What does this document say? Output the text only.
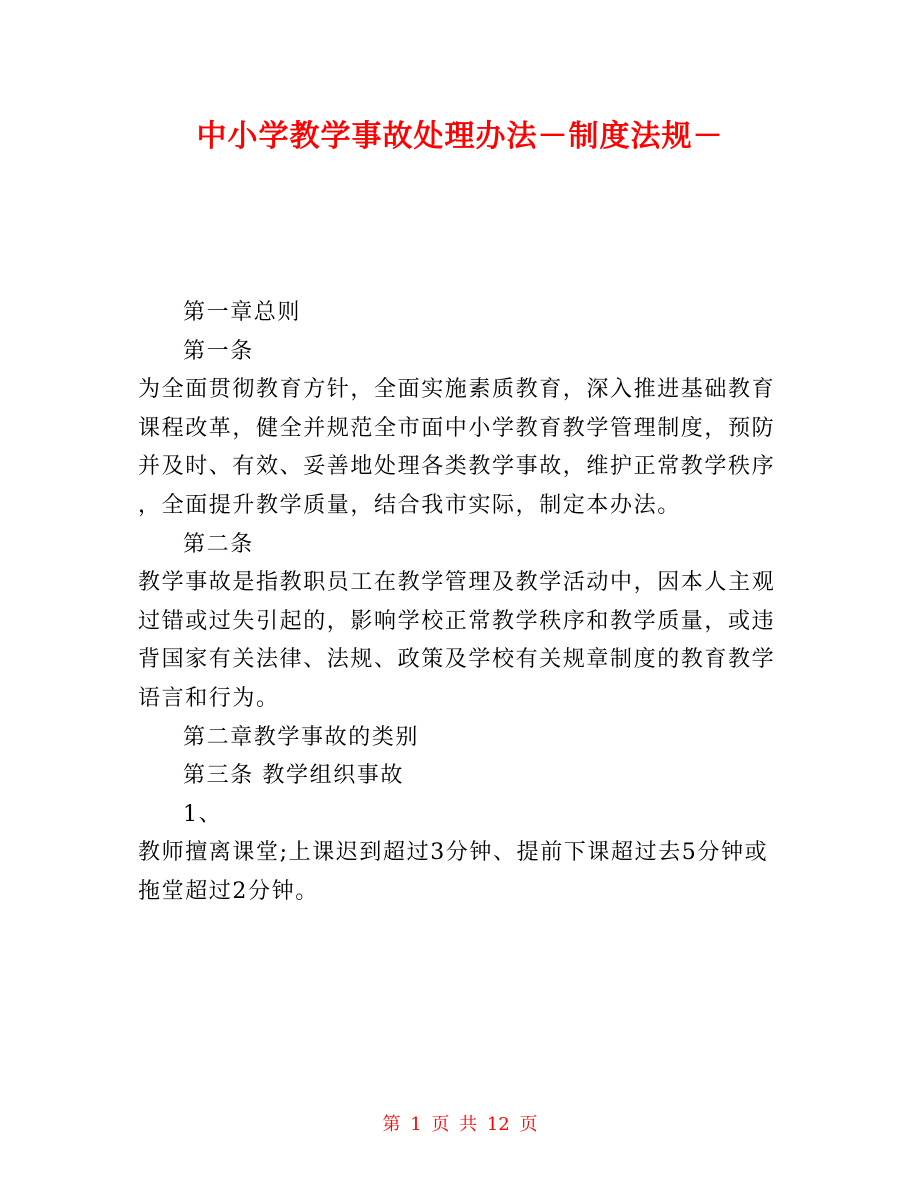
中小学教学事故处理办法－制度法规－

第一章总则

第一条

为全面贯彻教育方针，全面实施素质教育，深入推进基础教育

课程改革，健全并规范全市面中小学教育教学管理制度，预防

并及时、有效、妥善地处理各类教学事故，维护正常教学秩序

，全面提升教学质量，结合我市实际，制定本办法。

第二条

教学事故是指教职员工在教学管理及教学活动中，因本人主观

过错或过失引起的，影响学校正常教学秩序和教学质量，或违

背国家有关法律、法规、政策及学校有关规章制度的教育教学

语言和行为。

第二章教学事故的类别

第三条 教学组织事故

1、

教师擅离课堂;上课迟到超过3分钟、提前下课超过去5分钟或

拖堂超过2分钟。

第 1 页 共 12 页
